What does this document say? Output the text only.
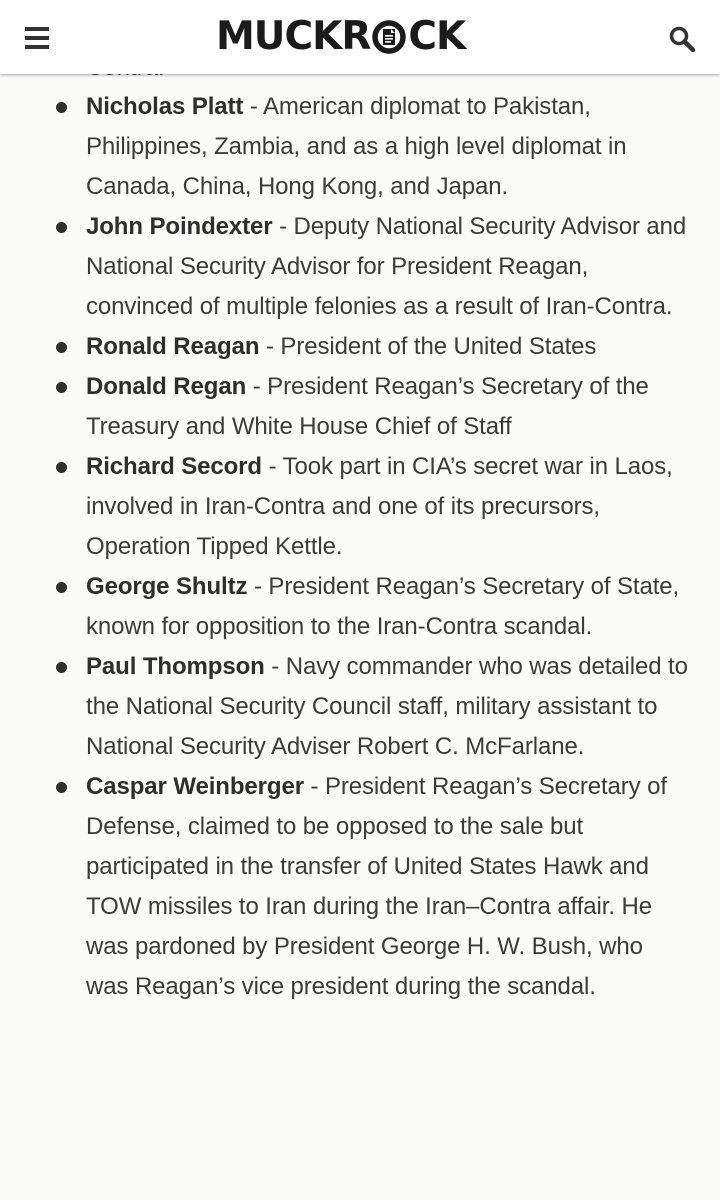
Nicholas Platt - American diplomat to Pakistan, Philippines, Zambia, and as a high level diplomat in Canada, China, Hong Kong, and Japan.
John Poindexter - Deputy National Security Advisor and National Security Advisor for President Reagan, convinced of multiple felonies as a result of Iran-Contra.
Ronald Reagan - President of the United States
Donald Regan - President Reagan’s Secretary of the Treasury and White House Chief of Staff
Richard Secord - Took part in CIA’s secret war in Laos, involved in Iran-Contra and one of its precursors, Operation Tipped Kettle.
George Shultz - President Reagan’s Secretary of State, known for opposition to the Iran-Contra scandal.
Paul Thompson - Navy commander who was detailed to the National Security Council staff, military assistant to National Security Adviser Robert C. McFarlane.
Caspar Weinberger - President Reagan’s Secretary of Defense, claimed to be opposed to the sale but participated in the transfer of United States Hawk and TOW missiles to Iran during the Iran–Contra affair. He was pardoned by President George H. W. Bush, who was Reagan’s vice president during the scandal.
MUCKR CK
